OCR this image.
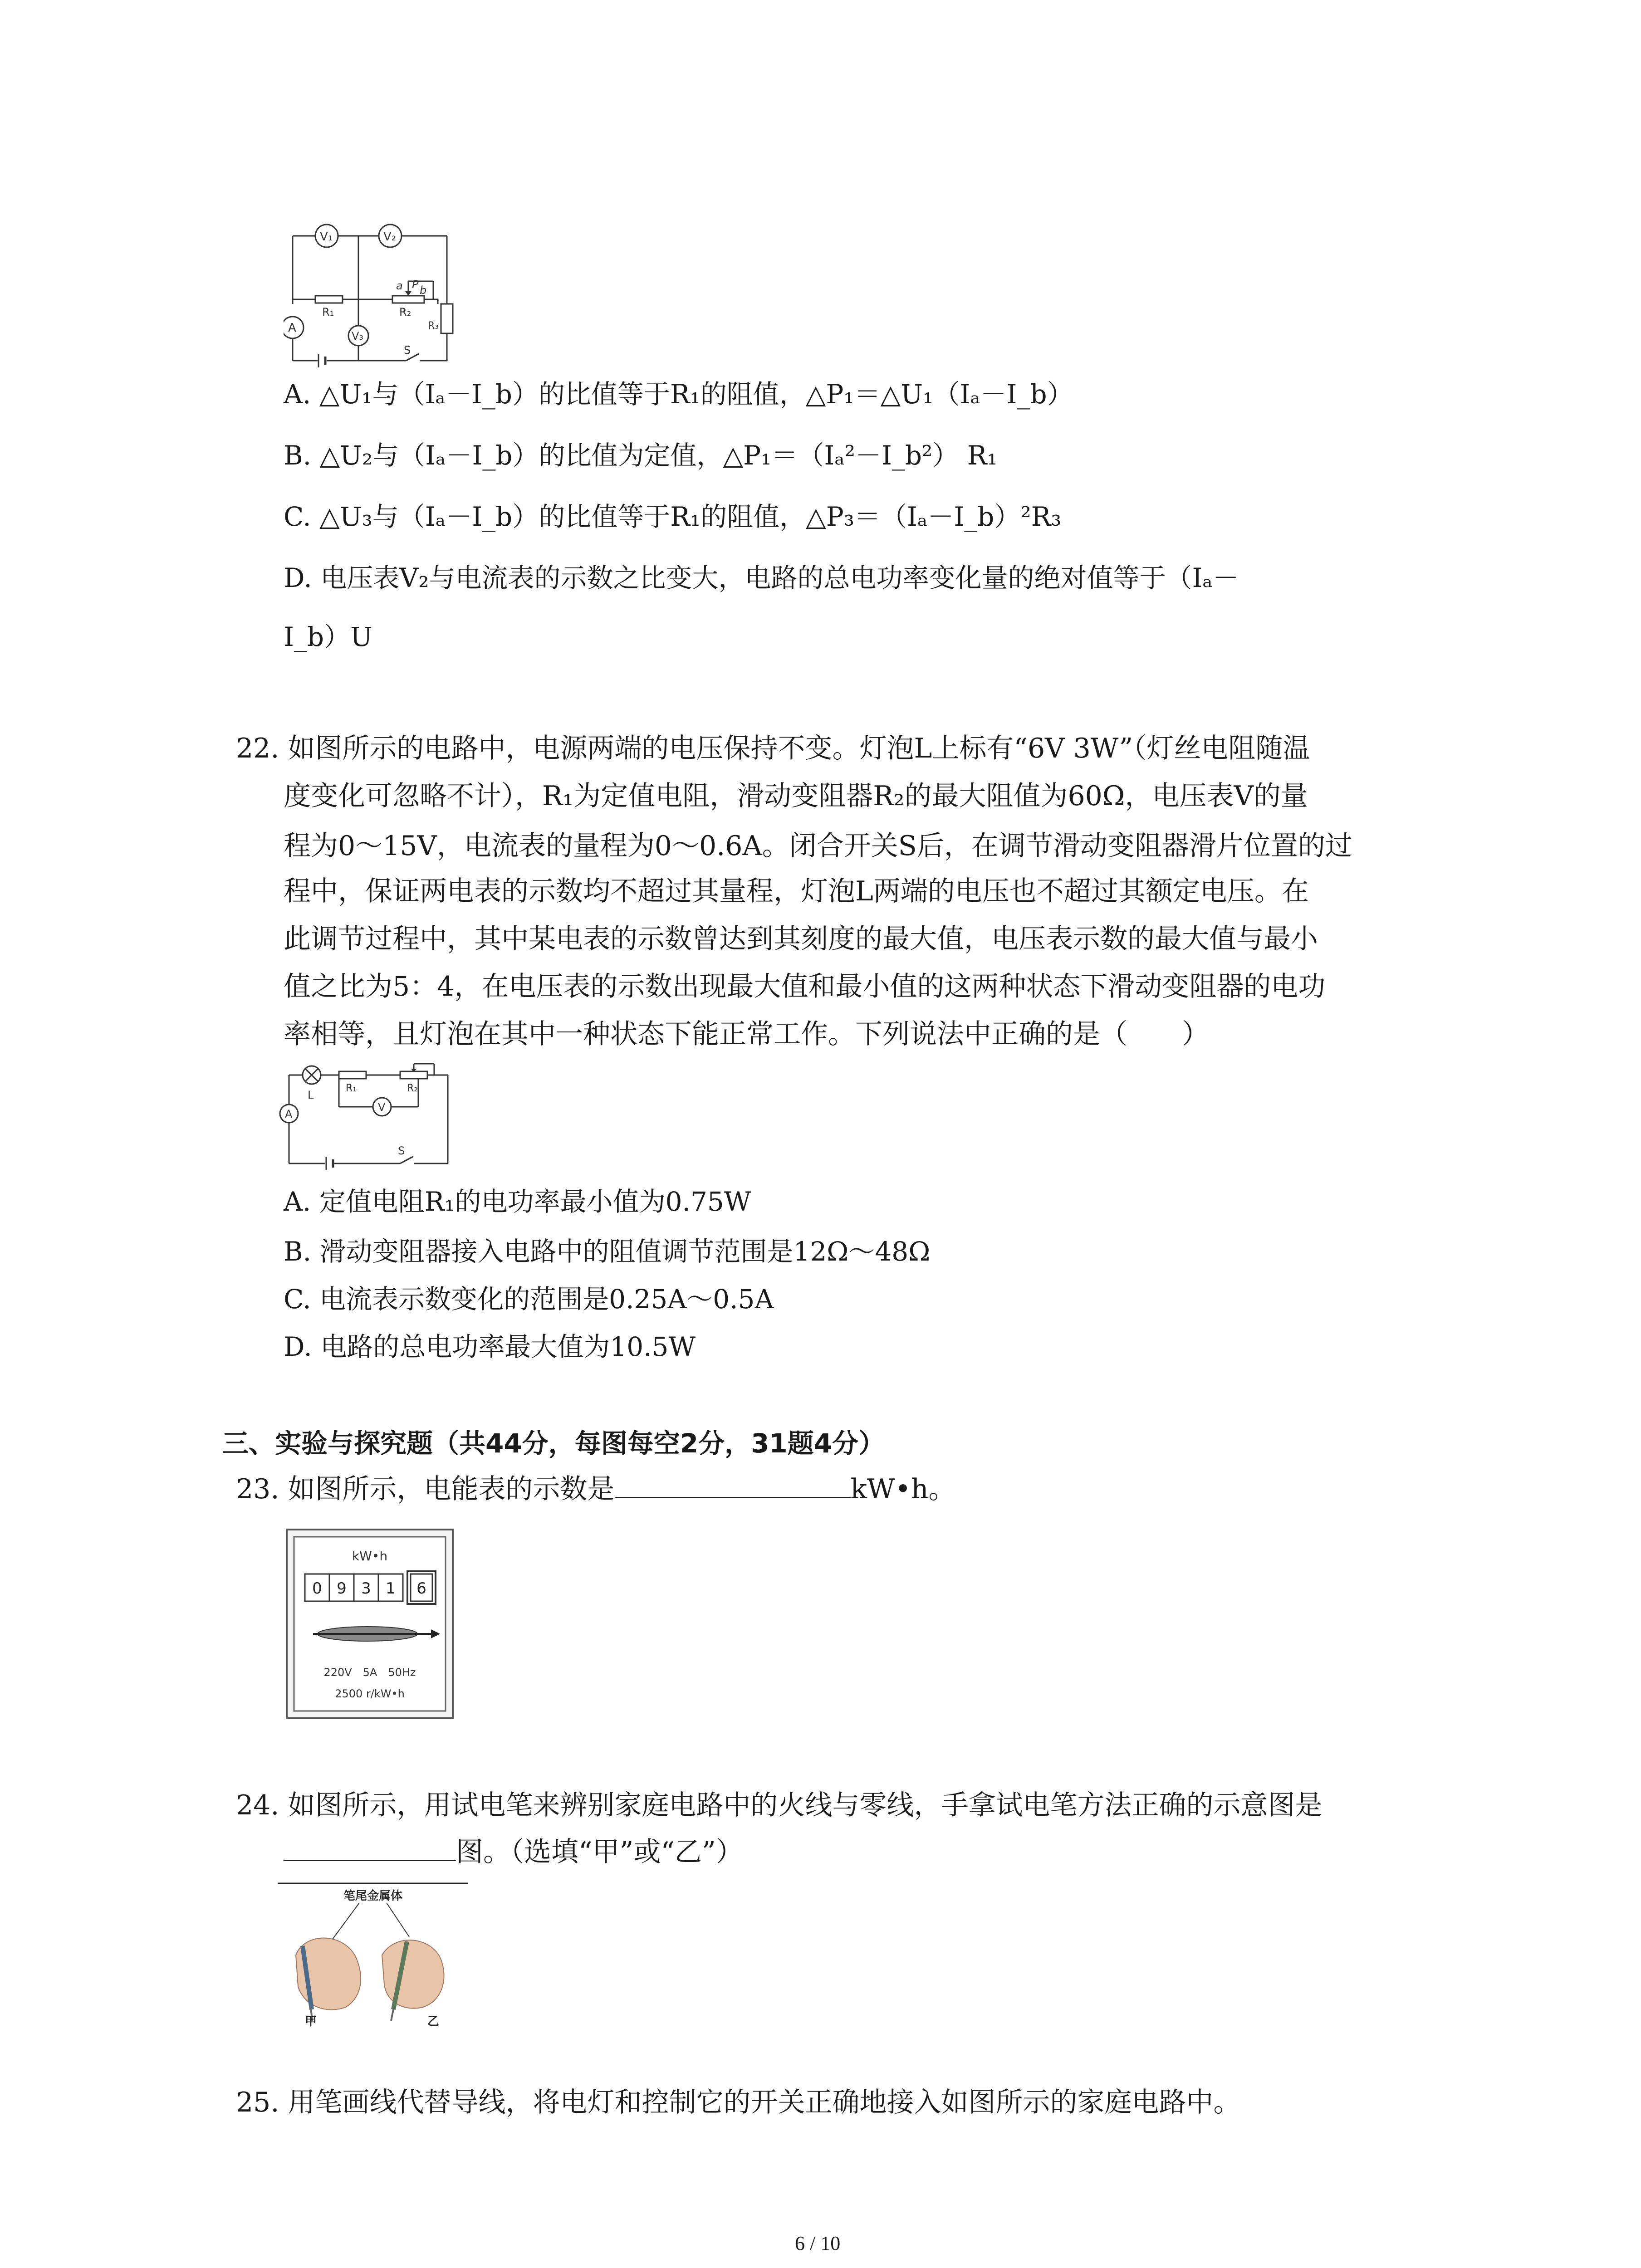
V₁	V₂
V₃
A
R₁	R₂
R₃
a P b
S
A. △U₁与（Iₐ－I_b）的比值等于R₁的阻值，△P₁＝△U₁（Iₐ－I_b）
B. △U₂与（Iₐ－I_b）的比值为定值，△P₁＝（Iₐ²－I_b²） R₁
C. △U₃与（Iₐ－I_b）的比值等于R₁的阻值，△P₃＝（Iₐ－I_b）²R₃
D. 电压表V₂与电流表的示数之比变大，电路的总电功率变化量的绝对值等于（Iₐ－
I_b）U
22. 如图所示的电路中，电源两端的电压保持不变。灯泡L上标有“6V 3W”（灯丝电阻随温
度变化可忽略不计），R₁为定值电阻，滑动变阻器R₂的最大阻值为60Ω，电压表V的量
程为0～15V，电流表的量程为0～0.6A。闭合开关S后，在调节滑动变阻器滑片位置的过
程中，保证两电表的示数均不超过其量程，灯泡L两端的电压也不超过其额定电压。在
此调节过程中，其中某电表的示数曾达到其刻度的最大值，电压表示数的最大值与最小
值之比为5：4，在电压表的示数出现最大值和最小值的这两种状态下滑动变阻器的电功
率相等，且灯泡在其中一种状态下能正常工作。下列说法中正确的是（　　）
L
R₁	R₂
V
A
S
A. 定值电阻R₁的电功率最小值为0.75W
B. 滑动变阻器接入电路中的阻值调节范围是12Ω～48Ω
C. 电流表示数变化的范围是0.25A～0.5A
D. 电路的总电功率最大值为10.5W
三、实验与探究题（共44分，每图每空2分，31题4分）
23. 如图所示，电能表的示数是	kW•h。
kW•h
0 9 3 1 6
220V　5A　50Hz
2500 r/kW•h
24. 如图所示，用试电笔来辨别家庭电路中的火线与零线，手拿试电笔方法正确的示意图是
图。（选填“甲”或“乙”）
笔尾金属体
甲	乙
25. 用笔画线代替导线，将电灯和控制它的开关正确地接入如图所示的家庭电路中。
6 / 10
